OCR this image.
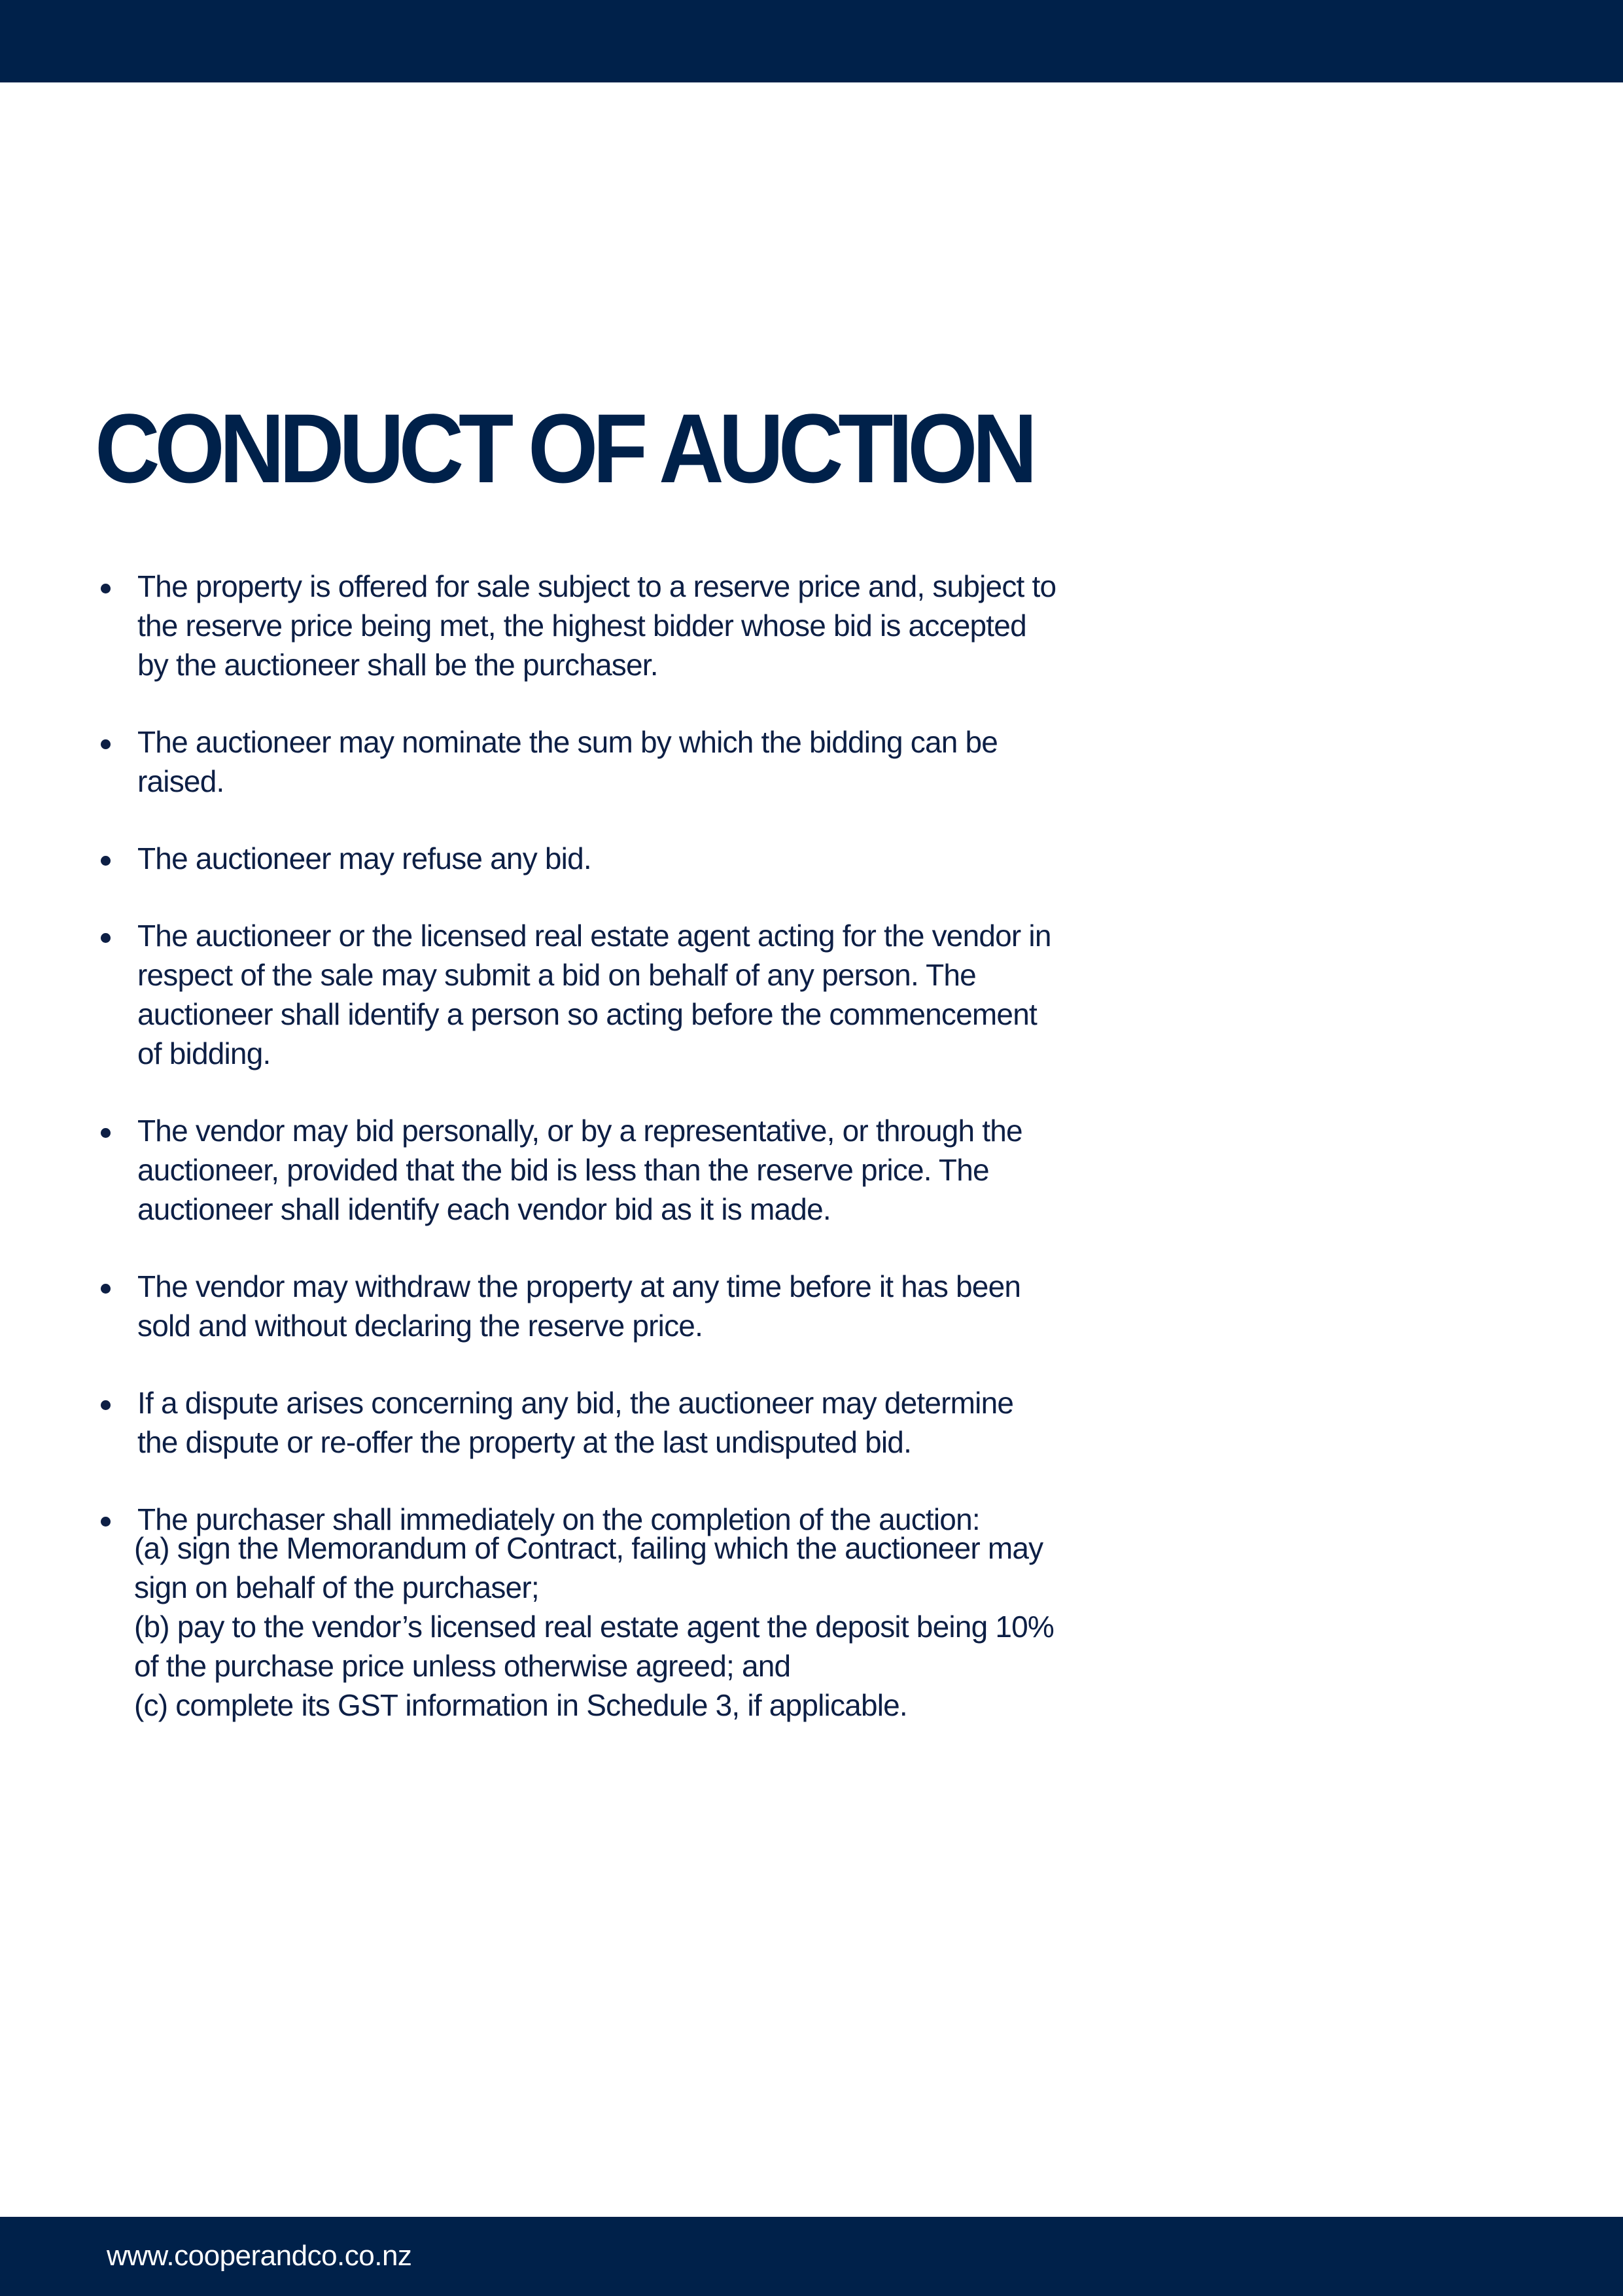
CONDUCT OF AUCTION
The property is offered for sale subject to a reserve price and, subject to the reserve price being met, the highest bidder whose bid is accepted by the auctioneer shall be the purchaser.
The auctioneer may nominate the sum by which the bidding can be raised.
The auctioneer may refuse any bid.
The auctioneer or the licensed real estate agent acting for the vendor in respect of the sale may submit a bid on behalf of any person. The auctioneer shall identify a person so acting before the commencement of bidding.
The vendor may bid personally, or by a representative, or through the auctioneer, provided that the bid is less than the reserve price. The auctioneer shall identify each vendor bid as it is made.
The vendor may withdraw the property at any time before it has been sold and without declaring the reserve price.
If a dispute arises concerning any bid, the auctioneer may determine the dispute or re-offer the property at the last undisputed bid.
The purchaser shall immediately on the completion of the auction:
(a) sign the Memorandum of Contract, failing which the auctioneer may sign on behalf of the purchaser;
(b) pay to the vendor’s licensed real estate agent the deposit being 10% of the purchase price unless otherwise agreed; and
(c) complete its GST information in Schedule 3, if applicable.
www.cooperandco.co.nz
